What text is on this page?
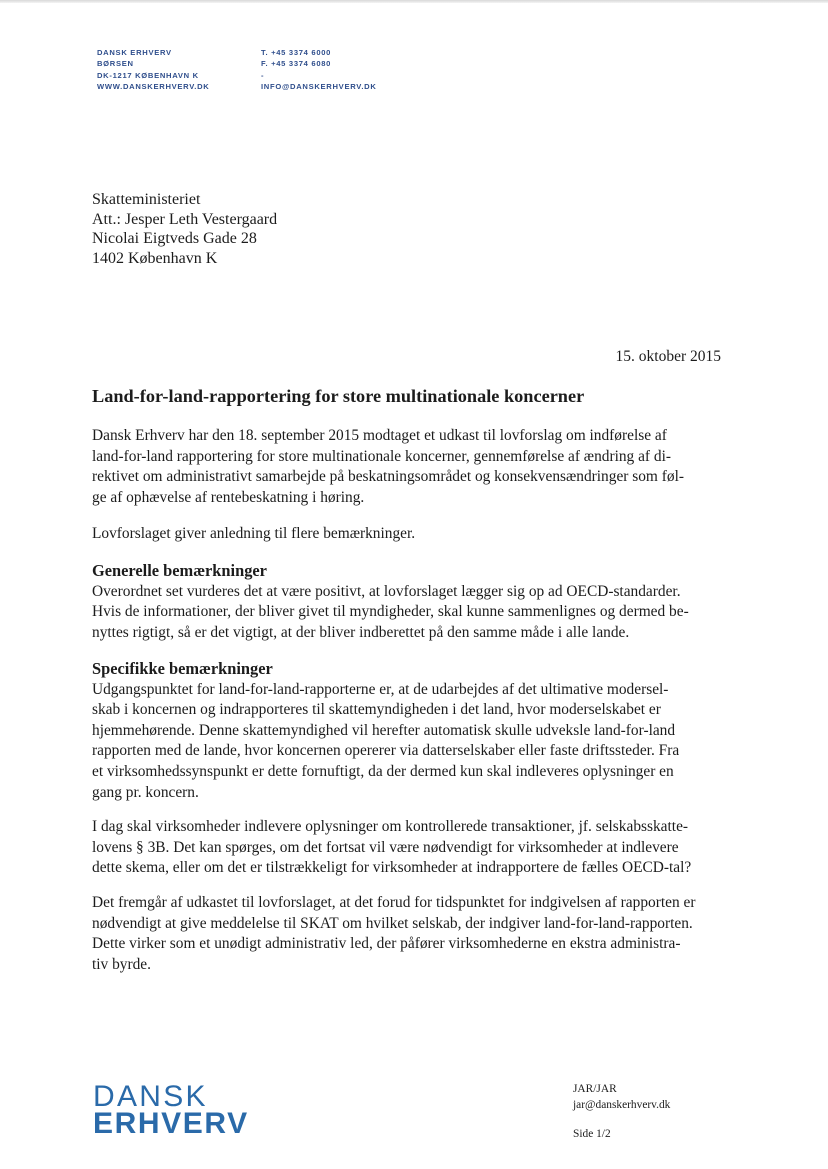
DANSK ERHVERV
BØRSEN
DK-1217 KØBENHAVN K
WWW.DANSKERHVERV.DK
T. +45 3374 6000
F. +45 3374 6080
-
INFO@DANSKERHVERV.DK
Skatteministeriet
Att.: Jesper Leth Vestergaard
Nicolai Eigtveds Gade 28
1402 København K
15. oktober 2015
Land-for-land-rapportering for store multinationale koncerner
Dansk Erhverv har den 18. september 2015 modtaget et udkast til lovforslag om indførelse af
land-for-land rapportering for store multinationale koncerner, gennemførelse af ændring af di-
rektivet om administrativt samarbejde på beskatningsområdet og konsekvensændringer som føl-
ge af ophævelse af rentebeskatning i høring.
Lovforslaget giver anledning til flere bemærkninger.
Generelle bemærkninger
Overordnet set vurderes det at være positivt, at lovforslaget lægger sig op ad OECD-standarder.
Hvis de informationer, der bliver givet til myndigheder, skal kunne sammenlignes og dermed be-
nyttes rigtigt, så er det vigtigt, at der bliver indberettet på den samme måde i alle lande.
Specifikke bemærkninger
Udgangspunktet for land-for-land-rapporterne er, at de udarbejdes af det ultimative modersel-
skab i koncernen og indrapporteres til skattemyndigheden i det land, hvor moderselskabet er
hjemmehørende. Denne skattemyndighed vil herefter automatisk skulle udveksle land-for-land
rapporten med de lande, hvor koncernen opererer via datterselskaber eller faste driftssteder. Fra
et virksomhedssynspunkt er dette fornuftigt, da der dermed kun skal indleveres oplysninger en
gang pr. koncern.
I dag skal virksomheder indlevere oplysninger om kontrollerede transaktioner, jf. selskabsskatte-
lovens § 3B. Det kan spørges, om det fortsat vil være nødvendigt for virksomheder at indlevere
dette skema, eller om det er tilstrækkeligt for virksomheder at indrapportere de fælles OECD-tal?
Det fremgår af udkastet til lovforslaget, at det forud for tidspunktet for indgivelsen af rapporten er
nødvendigt at give meddelelse til SKAT om hvilket selskab, der indgiver land-for-land-rapporten.
Dette virker som et unødigt administrativ led, der påfører virksomhederne en ekstra administra-
tiv byrde.
DANSK
ERHVERV
JAR/JAR
jar@danskerhverv.dk
Side 1/2
